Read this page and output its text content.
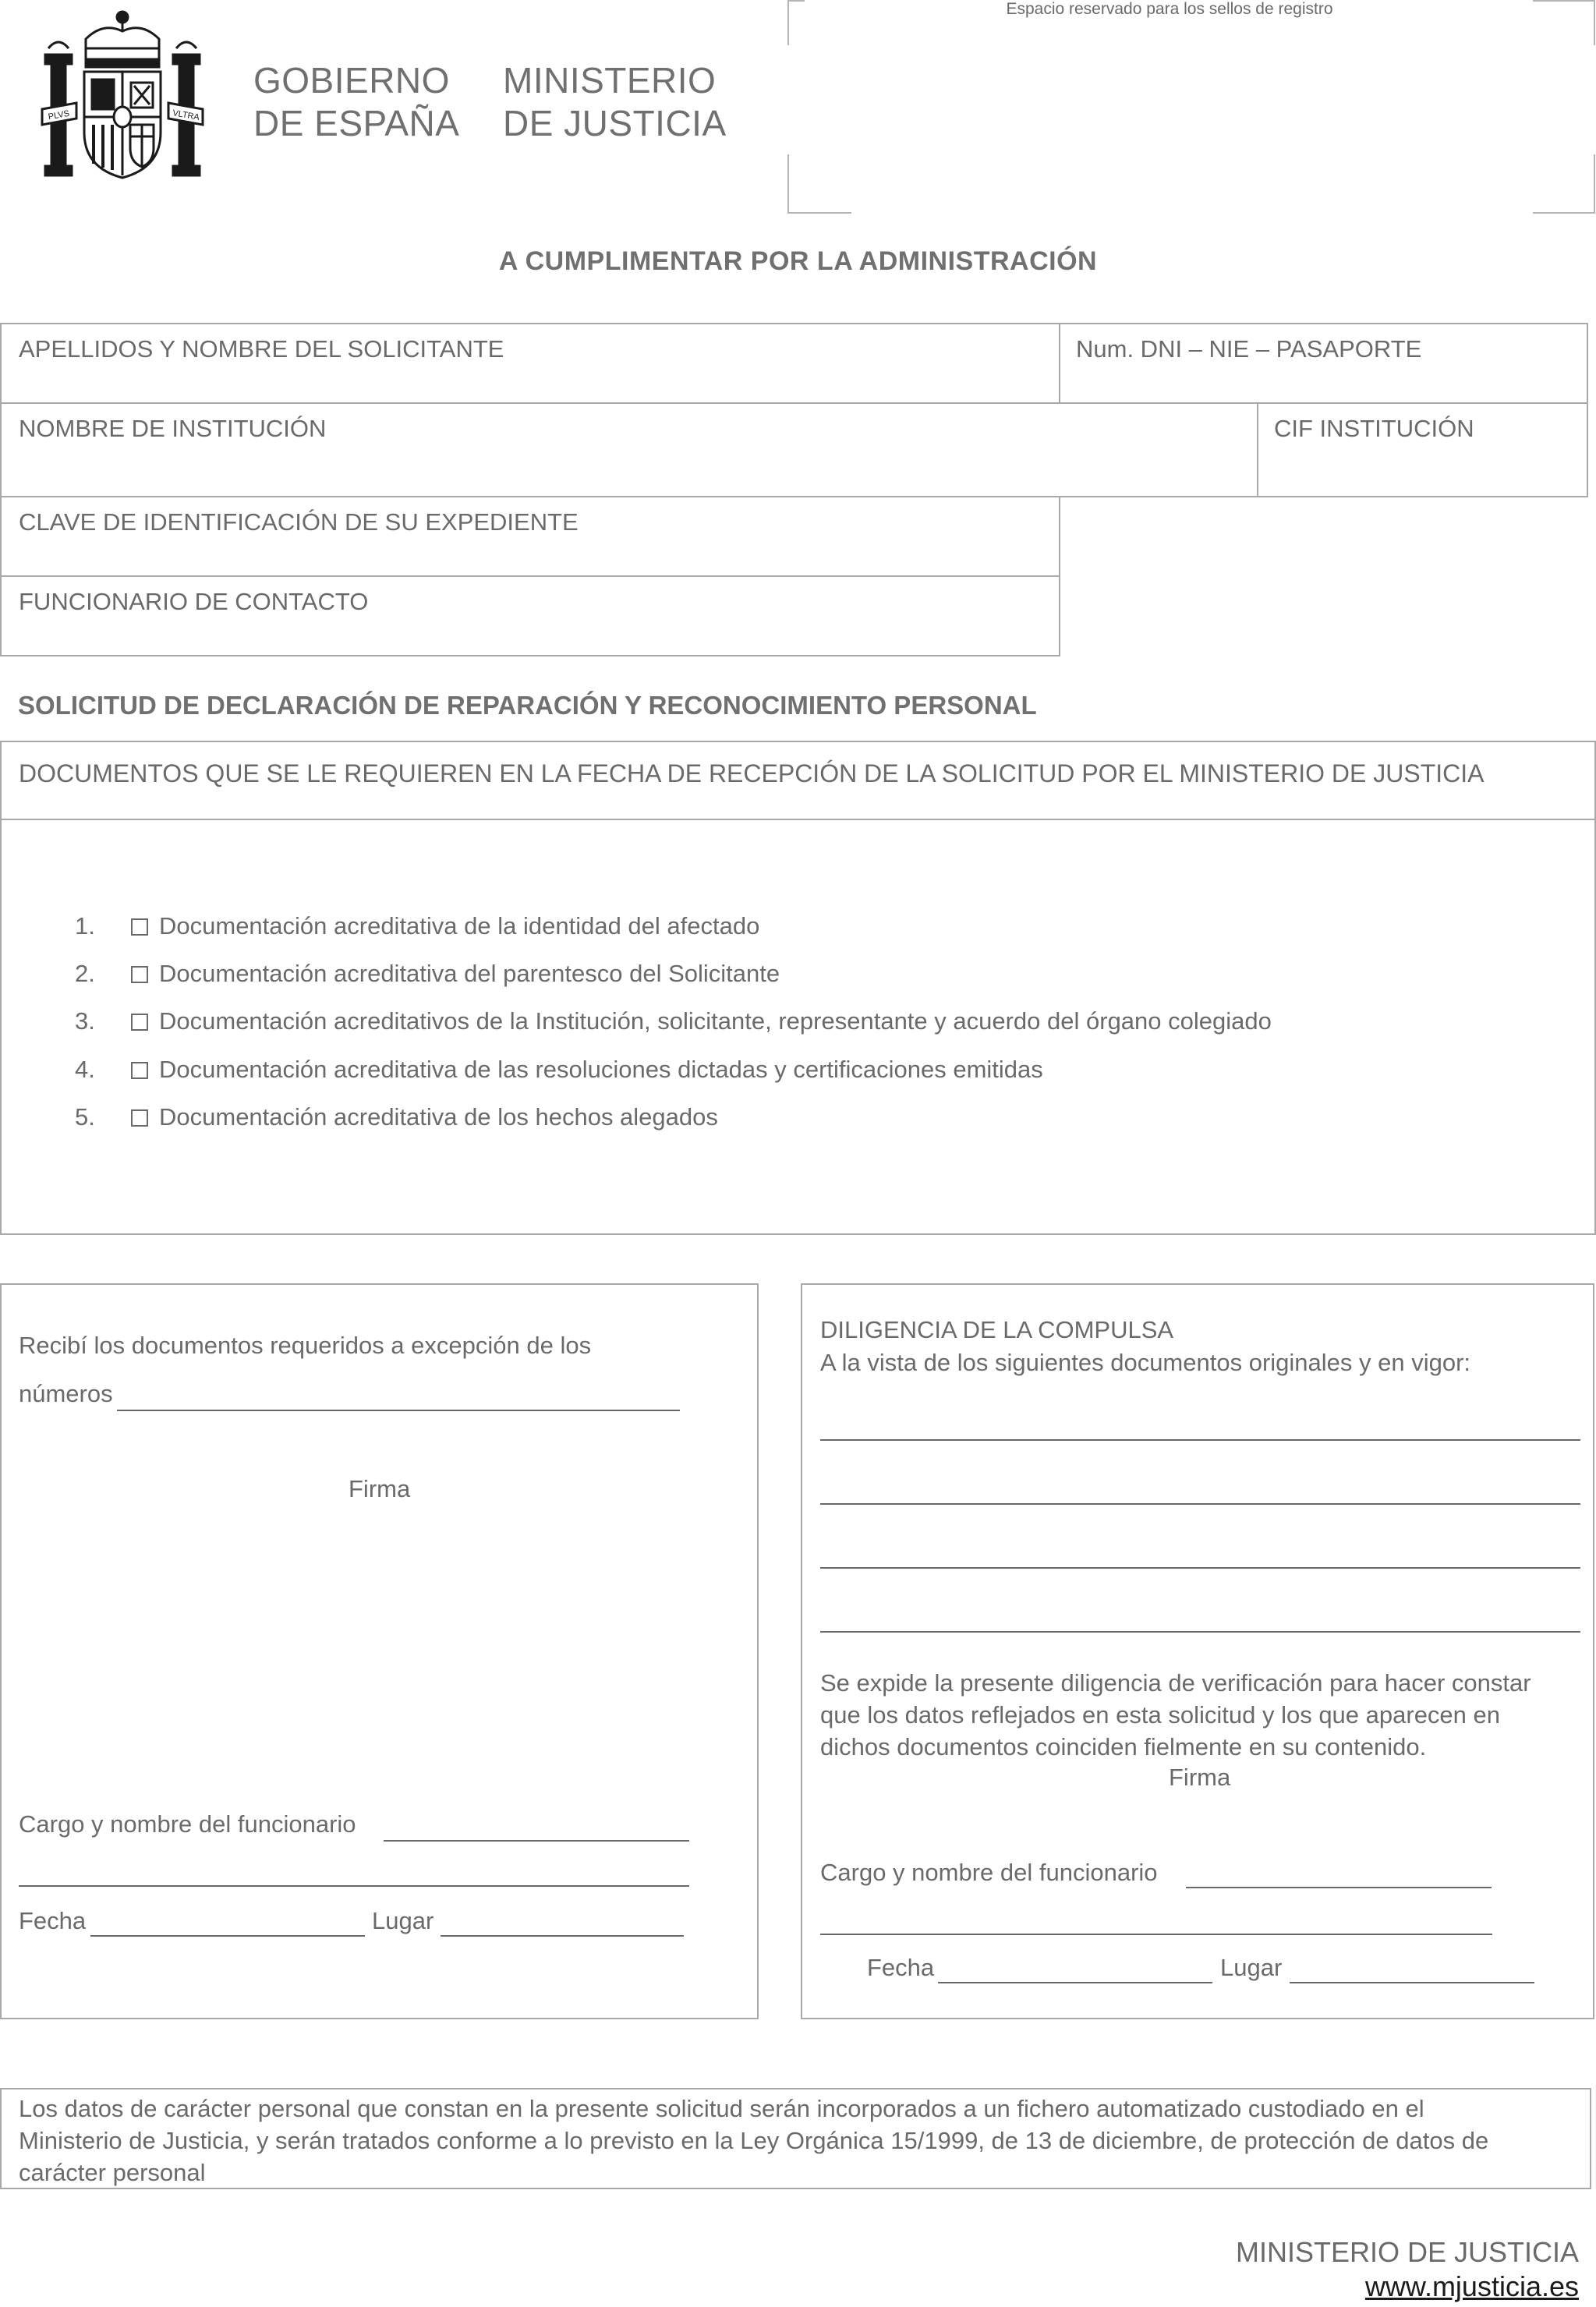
PLVS	VLTRA
GOBIERNO
DE ESPAÑA
MINISTERIO
DE JUSTICIA
Espacio reservado para los sellos de registro
A CUMPLIMENTAR POR LA ADMINISTRACIÓN
APELLIDOS Y NOMBRE DEL SOLICITANTE	Num. DNI – NIE – PASAPORTE
NOMBRE DE INSTITUCIÓN	CIF INSTITUCIÓN
CLAVE DE IDENTIFICACIÓN DE SU EXPEDIENTE
FUNCIONARIO DE CONTACTO
SOLICITUD DE DECLARACIÓN DE REPARACIÓN Y RECONOCIMIENTO PERSONAL
DOCUMENTOS QUE SE LE REQUIEREN EN LA FECHA DE RECEPCIÓN DE LA SOLICITUD POR EL MINISTERIO DE JUSTICIA
1.	Documentación acreditativa de la identidad del afectado
2.	Documentación acreditativa del parentesco del Solicitante
3.	Documentación acreditativos de la Institución, solicitante, representante y acuerdo del órgano colegiado
4.	Documentación acreditativa de las resoluciones dictadas y certificaciones emitidas
5.	Documentación acreditativa de los hechos alegados
Recibí los documentos requeridos a excepción de los
números
Firma
Cargo y nombre del funcionario
Fecha	Lugar
DILIGENCIA DE LA COMPULSA
A la vista de los siguientes documentos originales y en vigor:
Se expide la presente diligencia de verificación para hacer constar
que los datos reflejados en esta solicitud y los que aparecen en
dichos documentos coinciden fielmente en su contenido.
Firma
Cargo y nombre del funcionario
Fecha	Lugar
Los datos de carácter personal que constan en la presente solicitud serán incorporados a un fichero automatizado custodiado en el
Ministerio de Justicia, y serán tratados conforme a lo previsto en la Ley Orgánica 15/1999, de 13 de diciembre, de protección de datos de
carácter personal
MINISTERIO DE JUSTICIA
www.mjusticia.es
